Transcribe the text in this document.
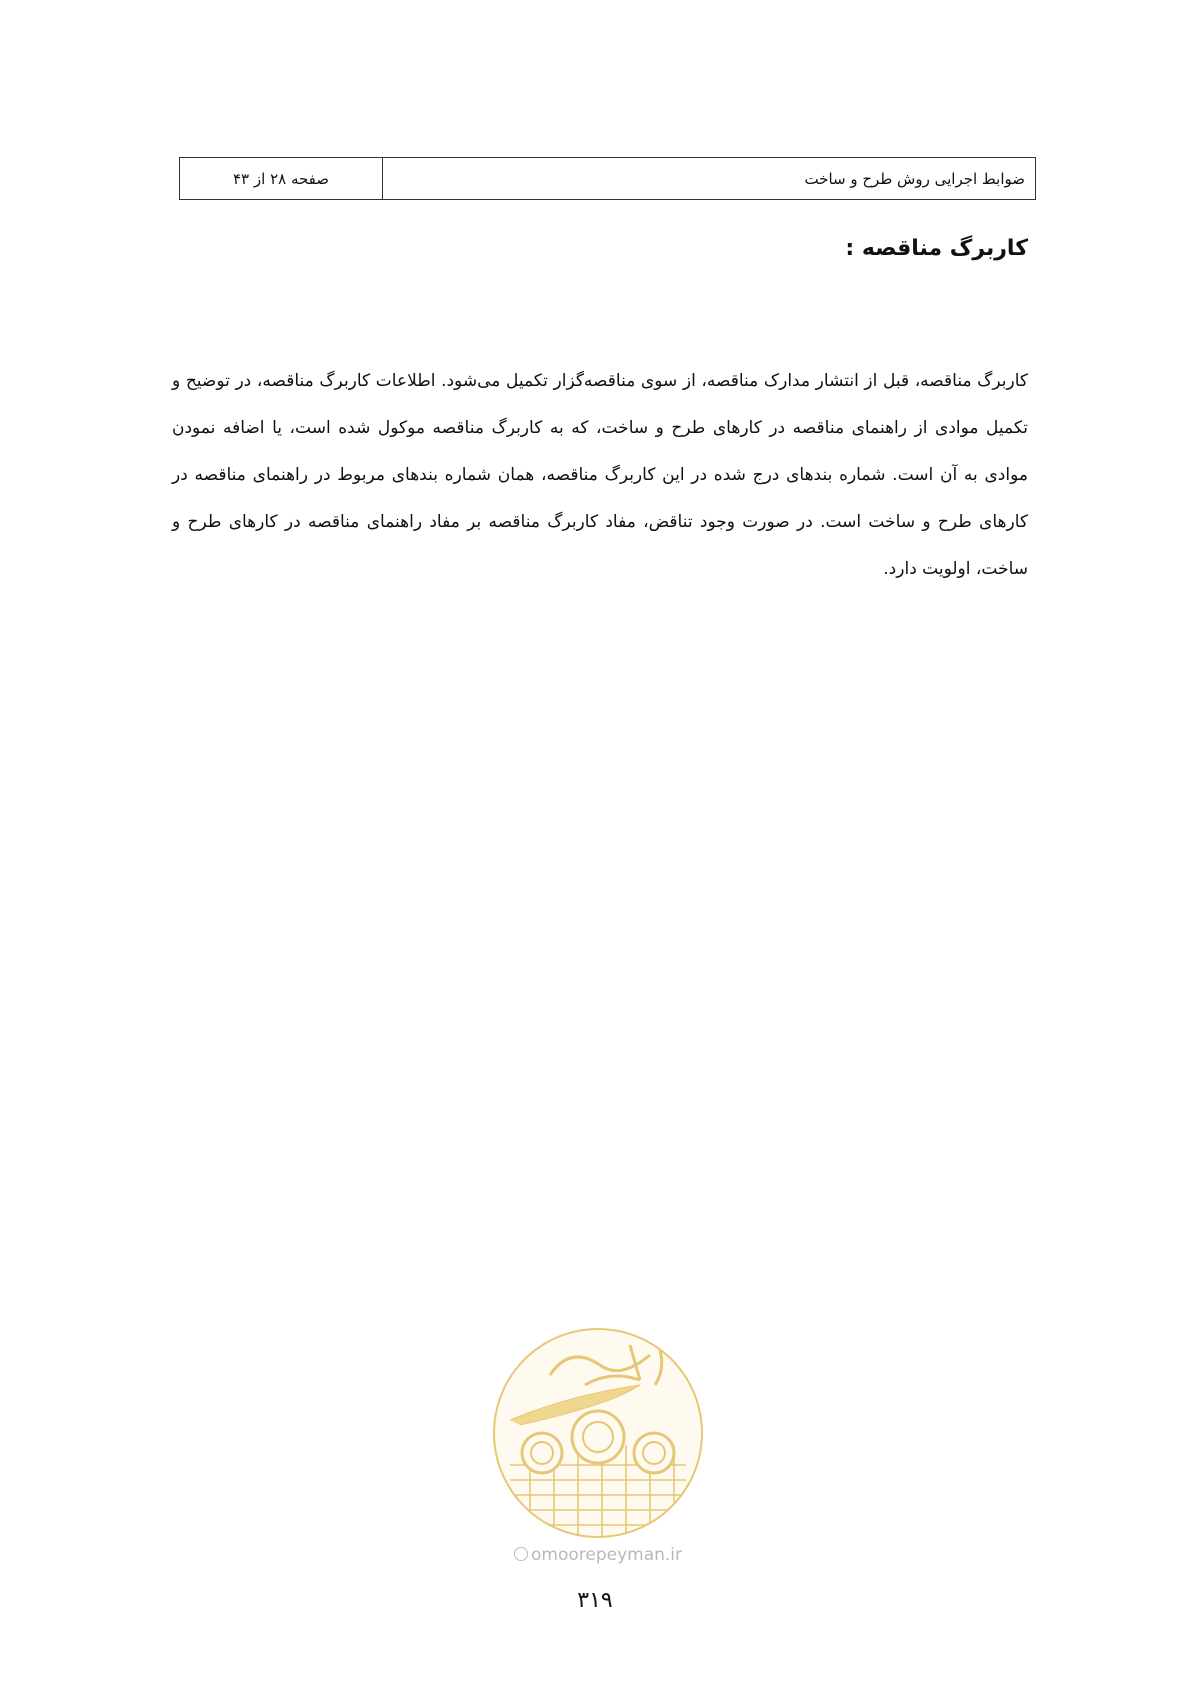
ضوابط اجرایی روش طرح و ساخت
صفحه ۲۸ از ۴۳
کاربرگ مناقصه :
کاربرگ مناقصه، قبل از انتشار مدارک مناقصه، از سوی مناقصه‌گزار تکمیل می‌شود. اطلاعات کاربرگ مناقصه، در توضیح و تکمیل موادی از راهنمای مناقصه در کارهای طرح و ساخت، که به کاربرگ مناقصه موکول شده است، یا اضافه نمودن موادی به آن است. شماره بندهای درج شده در این کاربرگ مناقصه، همان شماره بندهای مربوط در راهنمای مناقصه در کارهای طرح و ساخت است. در صورت وجود تناقض، مفاد کاربرگ مناقصه بر مفاد راهنمای مناقصه در کارهای طرح و ساخت، اولویت دارد.
omoorepeyman.ir
۳۱۹
